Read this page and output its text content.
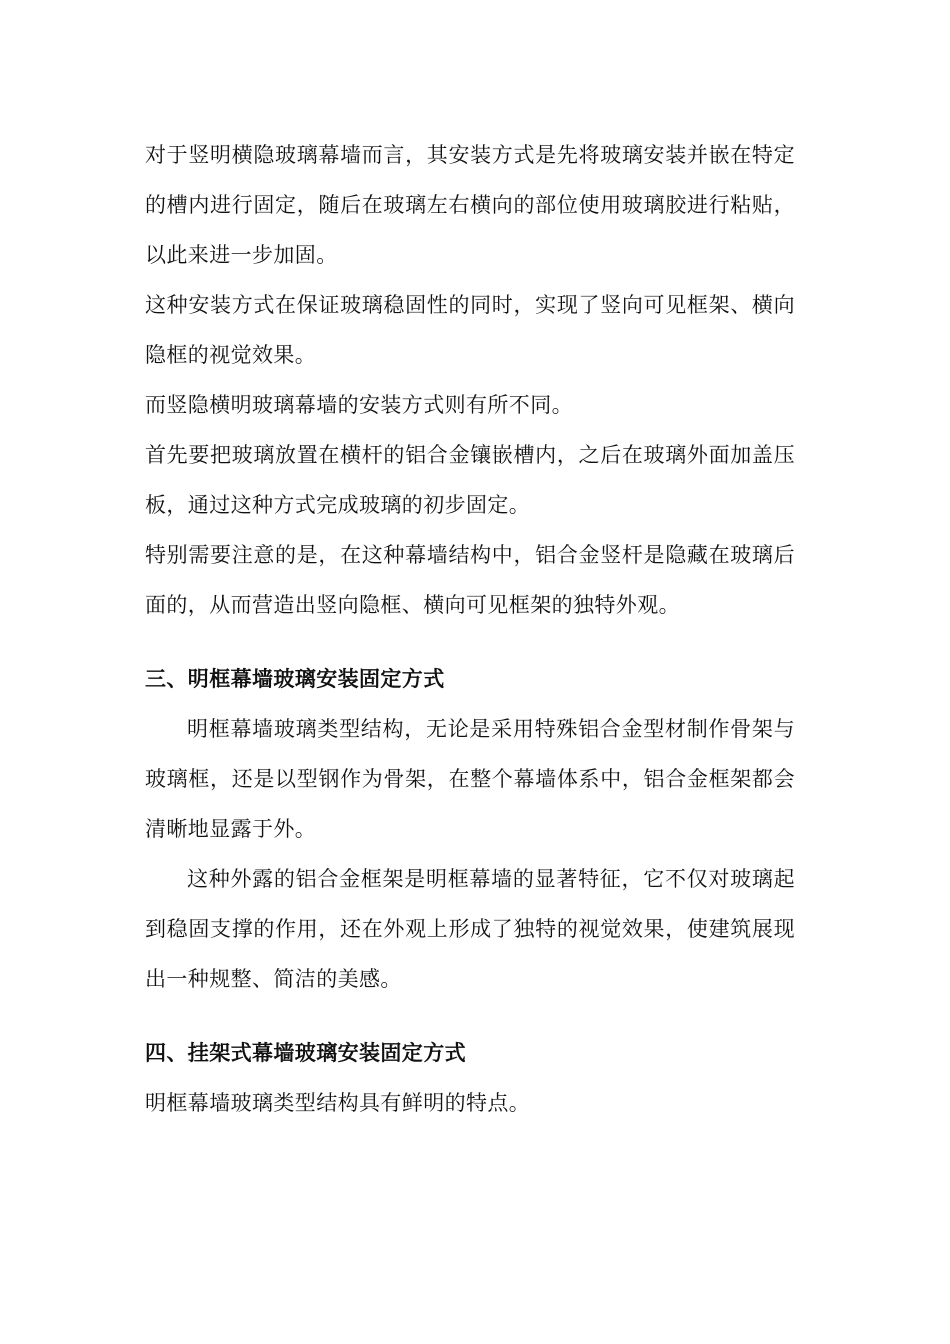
对于竖明横隐玻璃幕墙而言，其安装方式是先将玻璃安装并嵌在特定的槽内进行固定，随后在玻璃左右横向的部位使用玻璃胶进行粘贴，以此来进一步加固。

这种安装方式在保证玻璃稳固性的同时，实现了竖向可见框架、横向隐框的视觉效果。

而竖隐横明玻璃幕墙的安装方式则有所不同。

首先要把玻璃放置在横杆的铝合金镶嵌槽内，之后在玻璃外面加盖压板，通过这种方式完成玻璃的初步固定。

特别需要注意的是，在这种幕墙结构中，铝合金竖杆是隐藏在玻璃后面的，从而营造出竖向隐框、横向可见框架的独特外观。

三、明框幕墙玻璃安装固定方式

明框幕墙玻璃类型结构，无论是采用特殊铝合金型材制作骨架与玻璃框，还是以型钢作为骨架，在整个幕墙体系中，铝合金框架都会清晰地显露于外。

这种外露的铝合金框架是明框幕墙的显著特征，它不仅对玻璃起到稳固支撑的作用，还在外观上形成了独特的视觉效果，使建筑展现出一种规整、简洁的美感。

四、挂架式幕墙玻璃安装固定方式

明框幕墙玻璃类型结构具有鲜明的特点。
